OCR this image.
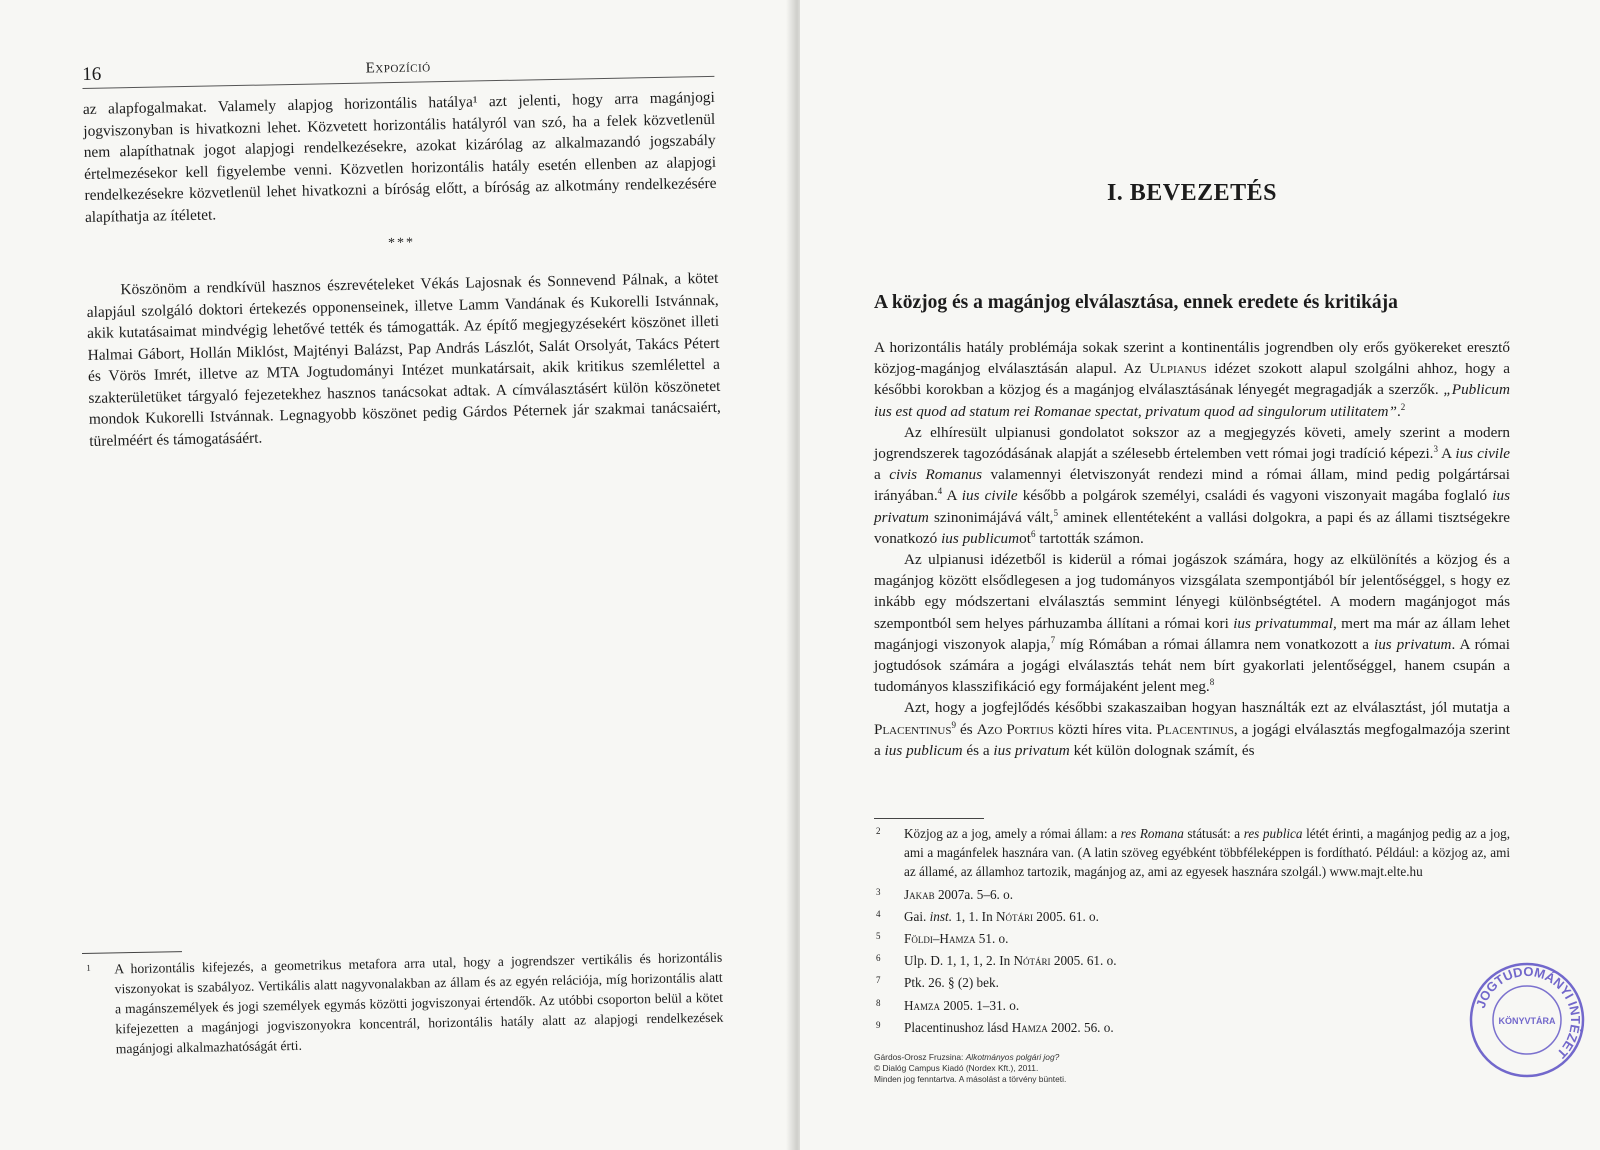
16	Expozíció

az alapfogalmakat. Valamely alapjog horizontális hatálya¹ azt jelenti, hogy arra magánjogi jogviszonyban is hivatkozni lehet. Közvetett horizontális hatályról van szó, ha a felek közvetlenül nem alapíthatnak jogot alapjogi rendelkezésekre, azokat kizárólag az alkalmazandó jogszabály értelmezésekor kell figyelembe venni. Közvetlen horizontális hatály esetén ellenben az alapjogi rendelkezésekre közvetlenül lehet hivatkozni a bíróság előtt, a bíróság az alkotmány rendelkezésére alapíthatja az ítéletet.

***

Köszönöm a rendkívül hasznos észrevételeket Vékás Lajosnak és Sonnevend Pálnak, a kötet alapjául szolgáló doktori értekezés opponenseinek, illetve Lamm Vandának és Kukorelli Istvánnak, akik kutatásaimat mindvégig lehetővé tették és támogatták. Az építő megjegyzésekért köszönet illeti Halmai Gábort, Hollán Miklóst, Majtényi Balázst, Pap András Lászlót, Salát Orsolyát, Takács Pétert és Vörös Imrét, illetve az MTA Jogtudományi Intézet munkatársait, akik kritikus szemlélettel a szakterületüket tárgyaló fejezetekhez hasznos tanácsokat adtak. A címválasztásért külön köszönetet mondok Kukorelli Istvánnak. Legnagyobb köszönet pedig Gárdos Péternek jár szakmai tanácsaiért, türelméért és támogatásáért.

1 A horizontális kifejezés, a geometrikus metafora arra utal, hogy a jogrendszer vertikális és horizontális viszonyokat is szabályoz. Vertikális alatt nagyvonalakban az állam és az egyén relációja, míg horizontális alatt a magánszemélyek és jogi személyek egymás közötti jogviszonyai értendők. Az utóbbi csoporton belül a kötet kifejezetten a magánjogi jogviszonyokra koncentrál, horizontális hatály alatt az alapjogi rendelkezések magánjogi alkalmazhatóságát érti.

I. BEVEZETÉS
A közjog és a magánjog elválasztása, ennek eredete és kritikája

A horizontális hatály problémája sokak szerint a kontinentális jogrendben oly erős gyökereket eresztő közjog-magánjog elválasztásán alapul. Az Ulpianus idézet szokott alapul szolgálni ahhoz, hogy a későbbi korokban a közjog és a magánjog elválasztásának lényegét megragadják a szerzők. „Publicum ius est quod ad statum rei Romanae spectat, privatum quod ad singulorum utilitatem”.$^2$

Az elhíresült ulpianusi gondolatot sokszor az a megjegyzés követi, amely szerint a modern jogrendszerek tagozódásának alapját a szélesebb értelemben vett római jogi tradíció képezi.$^3$ A ius civile a civis Romanus valamennyi életviszonyát rendezi mind a római állam, mind pedig polgártársai irányában.$^4$ A ius civile később a polgárok személyi, családi és vagyoni viszonyait magába foglaló ius privatum szinonimájává vált,$^5$ aminek ellentéteként a vallási dolgokra, a papi és az állami tisztségekre vonatkozó ius publicumot$^6$ tartották számon.

Az ulpianusi idézetből is kiderül a római jogászok számára, hogy az elkülönítés a közjog és a magánjog között elsődlegesen a jog tudományos vizsgálata szempontjából bír jelentőséggel, s hogy ez inkább egy módszertani elválasztás semmint lényegi különbségtétel. A modern magánjogot más szempontból sem helyes párhuzamba állítani a római kori ius privatummal, mert ma már az állam lehet magánjogi viszonyok alapja,$^7$ míg Rómában a római államra nem vonatkozott a ius privatum. A római jogtudósok számára a jogági elválasztás tehát nem bírt gyakorlati jelentőséggel, hanem csupán a tudományos klasszifikáció egy formájaként jelent meg.$^8$

Azt, hogy a jogfejlődés későbbi szakaszaiban hogyan használták ezt az elválasztást, jól mutatja a Placentinus$^9$ és Azo Portius közti híres vita. Placentinus, a jogági elválasztás megfogalmazója szerint a ius publicum és a ius privatum két külön dolognak számít, és

2 Közjog az a jog, amely a római állam: a res Romana státusát: a res publica létét érinti, a magánjog pedig az a jog, ami a magánfelek hasznára van. (A latin szöveg egyébként többféleképpen is fordítható. Például: a közjog az, ami az államé, az államhoz tartozik, magánjog az, ami az egyesek hasznára szolgál.) www.majt.elte.hu

3 Jakab 2007a. 5–6. o.

4 Gai. inst. 1, 1. In Nótári 2005. 61. o.

5 Földi–Hamza 51. o.

6 Ulp. D. 1, 1, 1, 2. In Nótári 2005. 61. o.

7 Ptk. 26. § (2) bek.

8 Hamza 2005. 1–31. o.

9 Placentinushoz lásd Hamza 2002. 56. o.

Gárdos-Orosz Fruzsina: Alkotmányos polgári jog?
© Dialóg Campus Kiadó (Nordex Kft.), 2011.
Minden jog fenntartva. A másolást a törvény bünteti.
JOGTUDOMÁNYI INTÉZET
KÖNYVTÁRA
